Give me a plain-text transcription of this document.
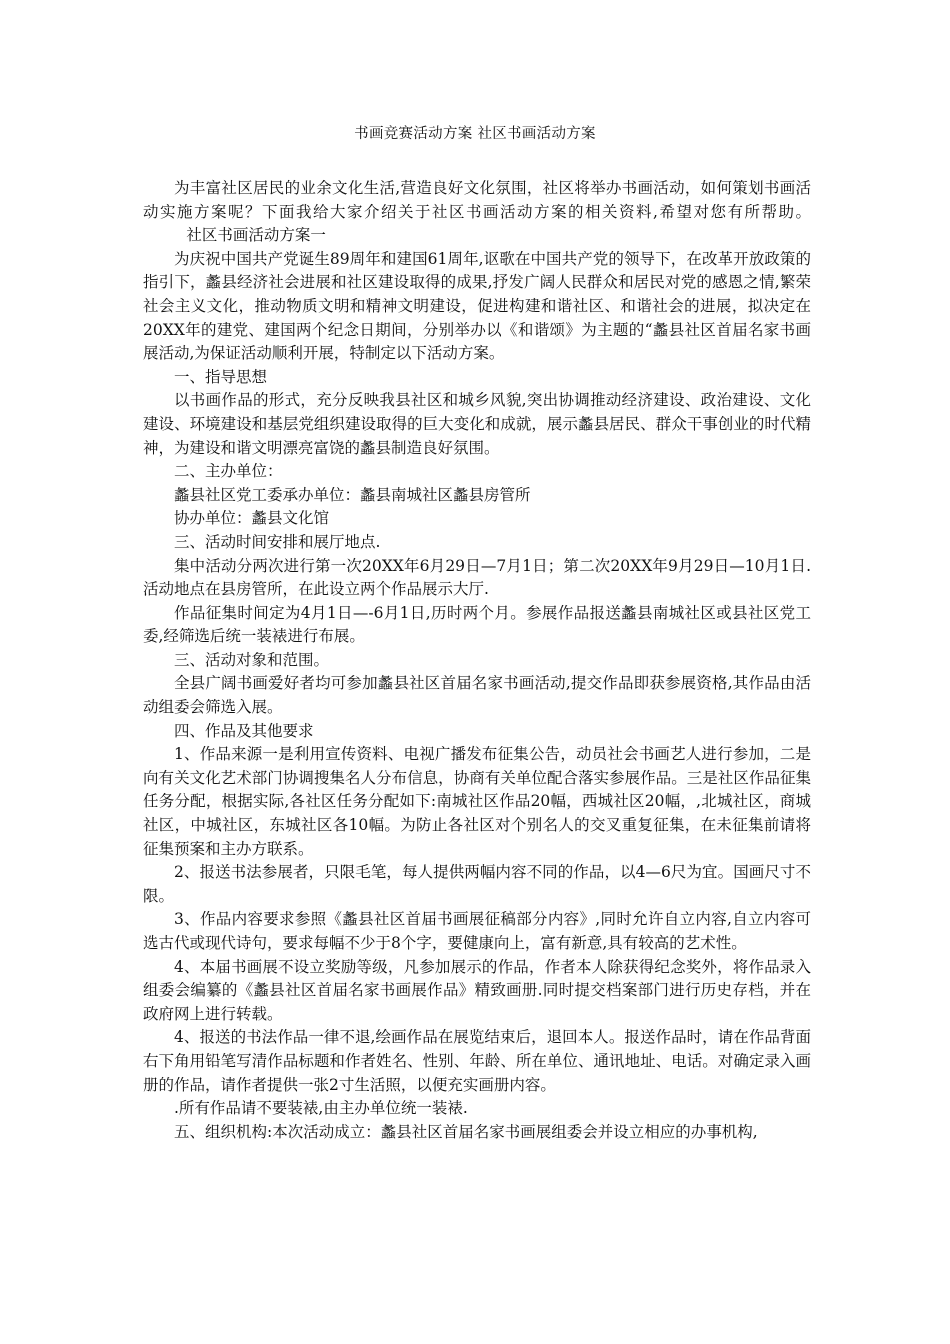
书画竞赛活动方案 社区书画活动方案

为丰富社区居民的业余文化生活,营造良好文化氛围，社区将举办书画活动，如何策划书画活动实施方案呢？下面我给大家介绍关于社区书画活动方案的相关资料,希望对您有所帮助。社区书画活动方案一

为庆祝中国共产党诞生89周年和建国61周年,讴歌在中国共产党的领导下，在改革开放政策的指引下，蠡县经济社会进展和社区建设取得的成果,抒发广阔人民群众和居民对党的感恩之情,繁荣社会主义文化，推动物质文明和精神文明建设，促进构建和谐社区、和谐社会的进展，拟决定在20XX年的建党、建国两个纪念日期间，分别举办以《和谐颂》为主题的“蠡县社区首届名家书画展活动,为保证活动顺利开展，特制定以下活动方案。

一、指导思想

以书画作品的形式，充分反映我县社区和城乡风貌,突出协调推动经济建设、政治建设、文化建设、环境建设和基层党组织建设取得的巨大变化和成就，展示蠡县居民、群众干事创业的时代精神，为建设和谐文明漂亮富饶的蠡县制造良好氛围。

二、主办单位：

蠡县社区党工委承办单位：蠡县南城社区蠡县房管所

协办单位：蠡县文化馆

三、活动时间安排和展厅地点.

集中活动分两次进行第一次20XX年6月29日—7月1日；第二次20XX年9月29日—10月1日.活动地点在县房管所，在此设立两个作品展示大厅.

作品征集时间定为4月1日—-6月1日,历时两个月。参展作品报送蠡县南城社区或县社区党工委,经筛选后统一装裱进行布展。

三、活动对象和范围。

全县广阔书画爱好者均可参加蠡县社区首届名家书画活动,提交作品即获参展资格,其作品由活动组委会筛选入展。

四、作品及其他要求

1、作品来源一是利用宣传资料、电视广播发布征集公告，动员社会书画艺人进行参加，二是向有关文化艺术部门协调搜集名人分布信息，协商有关单位配合落实参展作品。三是社区作品征集任务分配，根据实际,各社区任务分配如下:南城社区作品20幅，西城社区20幅，,北城社区，商城社区，中城社区，东城社区各10幅。为防止各社区对个别名人的交叉重复征集，在未征集前请将征集预案和主办方联系。

2、报送书法参展者，只限毛笔，每人提供两幅内容不同的作品，以4—6尺为宜。国画尺寸不限。

3、作品内容要求参照《蠡县社区首届书画展征稿部分内容》,同时允许自立内容,自立内容可选古代或现代诗句，要求每幅不少于8个字，要健康向上，富有新意,具有较高的艺术性。

4、本届书画展不设立奖励等级，凡参加展示的作品，作者本人除获得纪念奖外，将作品录入组委会编纂的《蠡县社区首届名家书画展作品》精致画册.同时提交档案部门进行历史存档，并在政府网上进行转载。

4、报送的书法作品一律不退,绘画作品在展览结束后，退回本人。报送作品时，请在作品背面右下角用铅笔写清作品标题和作者姓名、性别、年龄、所在单位、通讯地址、电话。对确定录入画册的作品，请作者提供一张2寸生活照，以便充实画册内容。

.所有作品请不要装裱,由主办单位统一装裱.

五、组织机构:本次活动成立：蠡县社区首届名家书画展组委会并设立相应的办事机构,
